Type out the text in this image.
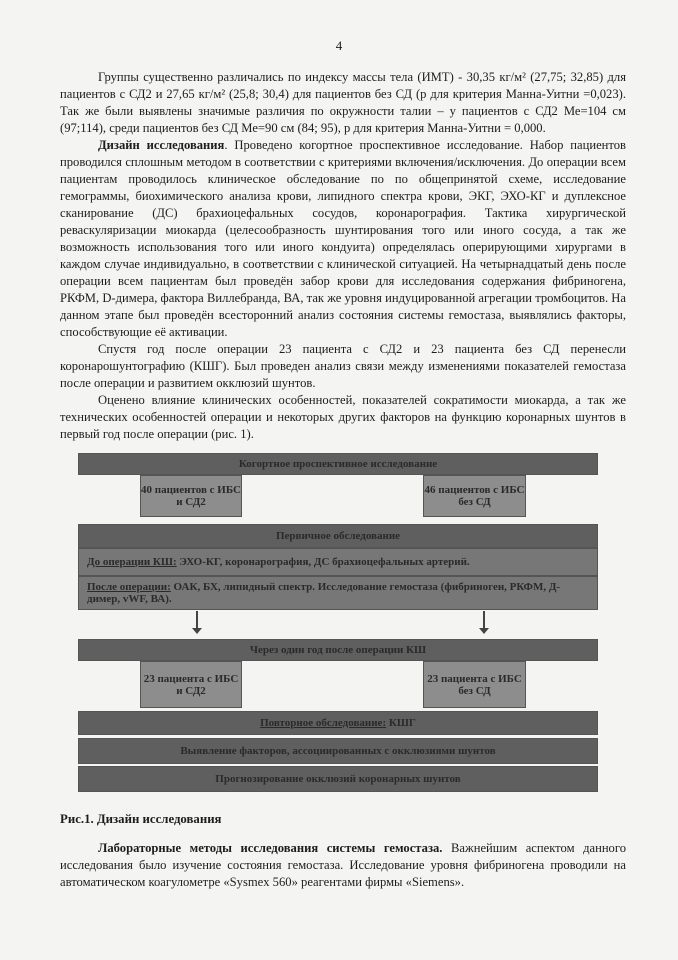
4

Группы существенно различались по индексу массы тела (ИМТ) - 30,35 кг/м² (27,75; 32,85) для пациентов с СД2 и 27,65 кг/м² (25,8; 30,4) для пациентов без СД (р для критерия Манна-Уитни =0,023). Так же были выявлены значимые различия по окружности талии – у пациентов с СД2 Ме=104 см (97;114), среди пациентов без СД Ме=90 см (84; 95), р для критерия Манна-Уитни = 0,000.

Дизайн исследования. Проведено когортное проспективное исследование. Набор пациентов проводился сплошным методом в соответствии с критериями включения/исключения. До операции всем пациентам проводилось клиническое обследование по по общепринятой схеме, исследование гемограммы, биохимического анализа крови, липидного спектра крови, ЭКГ, ЭХО-КГ и дуплексное сканирование (ДС) брахиоцефальных сосудов, коронарография. Тактика хирургической реваскуляризации миокарда (целесообразность шунтирования того или иного сосуда, а так же возможность использования того или иного кондуита) определялась оперирующими хирургами в каждом случае индивидуально, в соответствии с клинической ситуацией. На четырнадцатый день после операции всем пациентам был проведён забор крови для исследования содержания фибриногена, РКФМ, D-димера, фактора Виллебранда, ВА, так же уровня индуцированной агрегации тромбоцитов. На данном этапе был проведён всесторонний анализ состояния системы гемостаза, выявлялись факторы, способствующие её активации.

Спустя год после операции 23 пациента с СД2 и 23 пациента без СД перенесли коронарошунтографию (КШГ). Был проведен анализ связи между изменениями показателей гемостаза после операции и развитием окклюзий шунтов.

Оценено влияние клинических особенностей, показателей сократимости миокарда, а так же технических особенностей операции и некоторых других факторов на функцию коронарных шунтов в первый год после операции (рис. 1).

Когортное проспективное исследование
40 пациентов с ИБС и СД2
46 пациентов с ИБС без СД
Первичное обследование
До операции КШ:
ЭХО-КГ, коронарография, ДС брахиоцефальных артерий.
После операции: ОАК, БХ, липидный спектр. Исследование гемостаза (фибриноген, РКФМ, Д-димер, vWF, ВА).
Через один год после операции КШ
23 пациента с ИБС и СД2
23 пациента с ИБС без СД
Повторное обследование:
КШГ
Выявление факторов, ассоциированных с окклюзиями шунтов
Прогнозирование окклюзий коронарных шунтов
Рис.1. Дизайн исследования

Лабораторные методы исследования системы гемостаза. Важнейшим аспектом данного исследования было изучение состояния гемостаза. Исследование уровня фибриногена проводили на автоматическом коагулометре «Sysmex 560» реагентами фирмы «Siemens».
